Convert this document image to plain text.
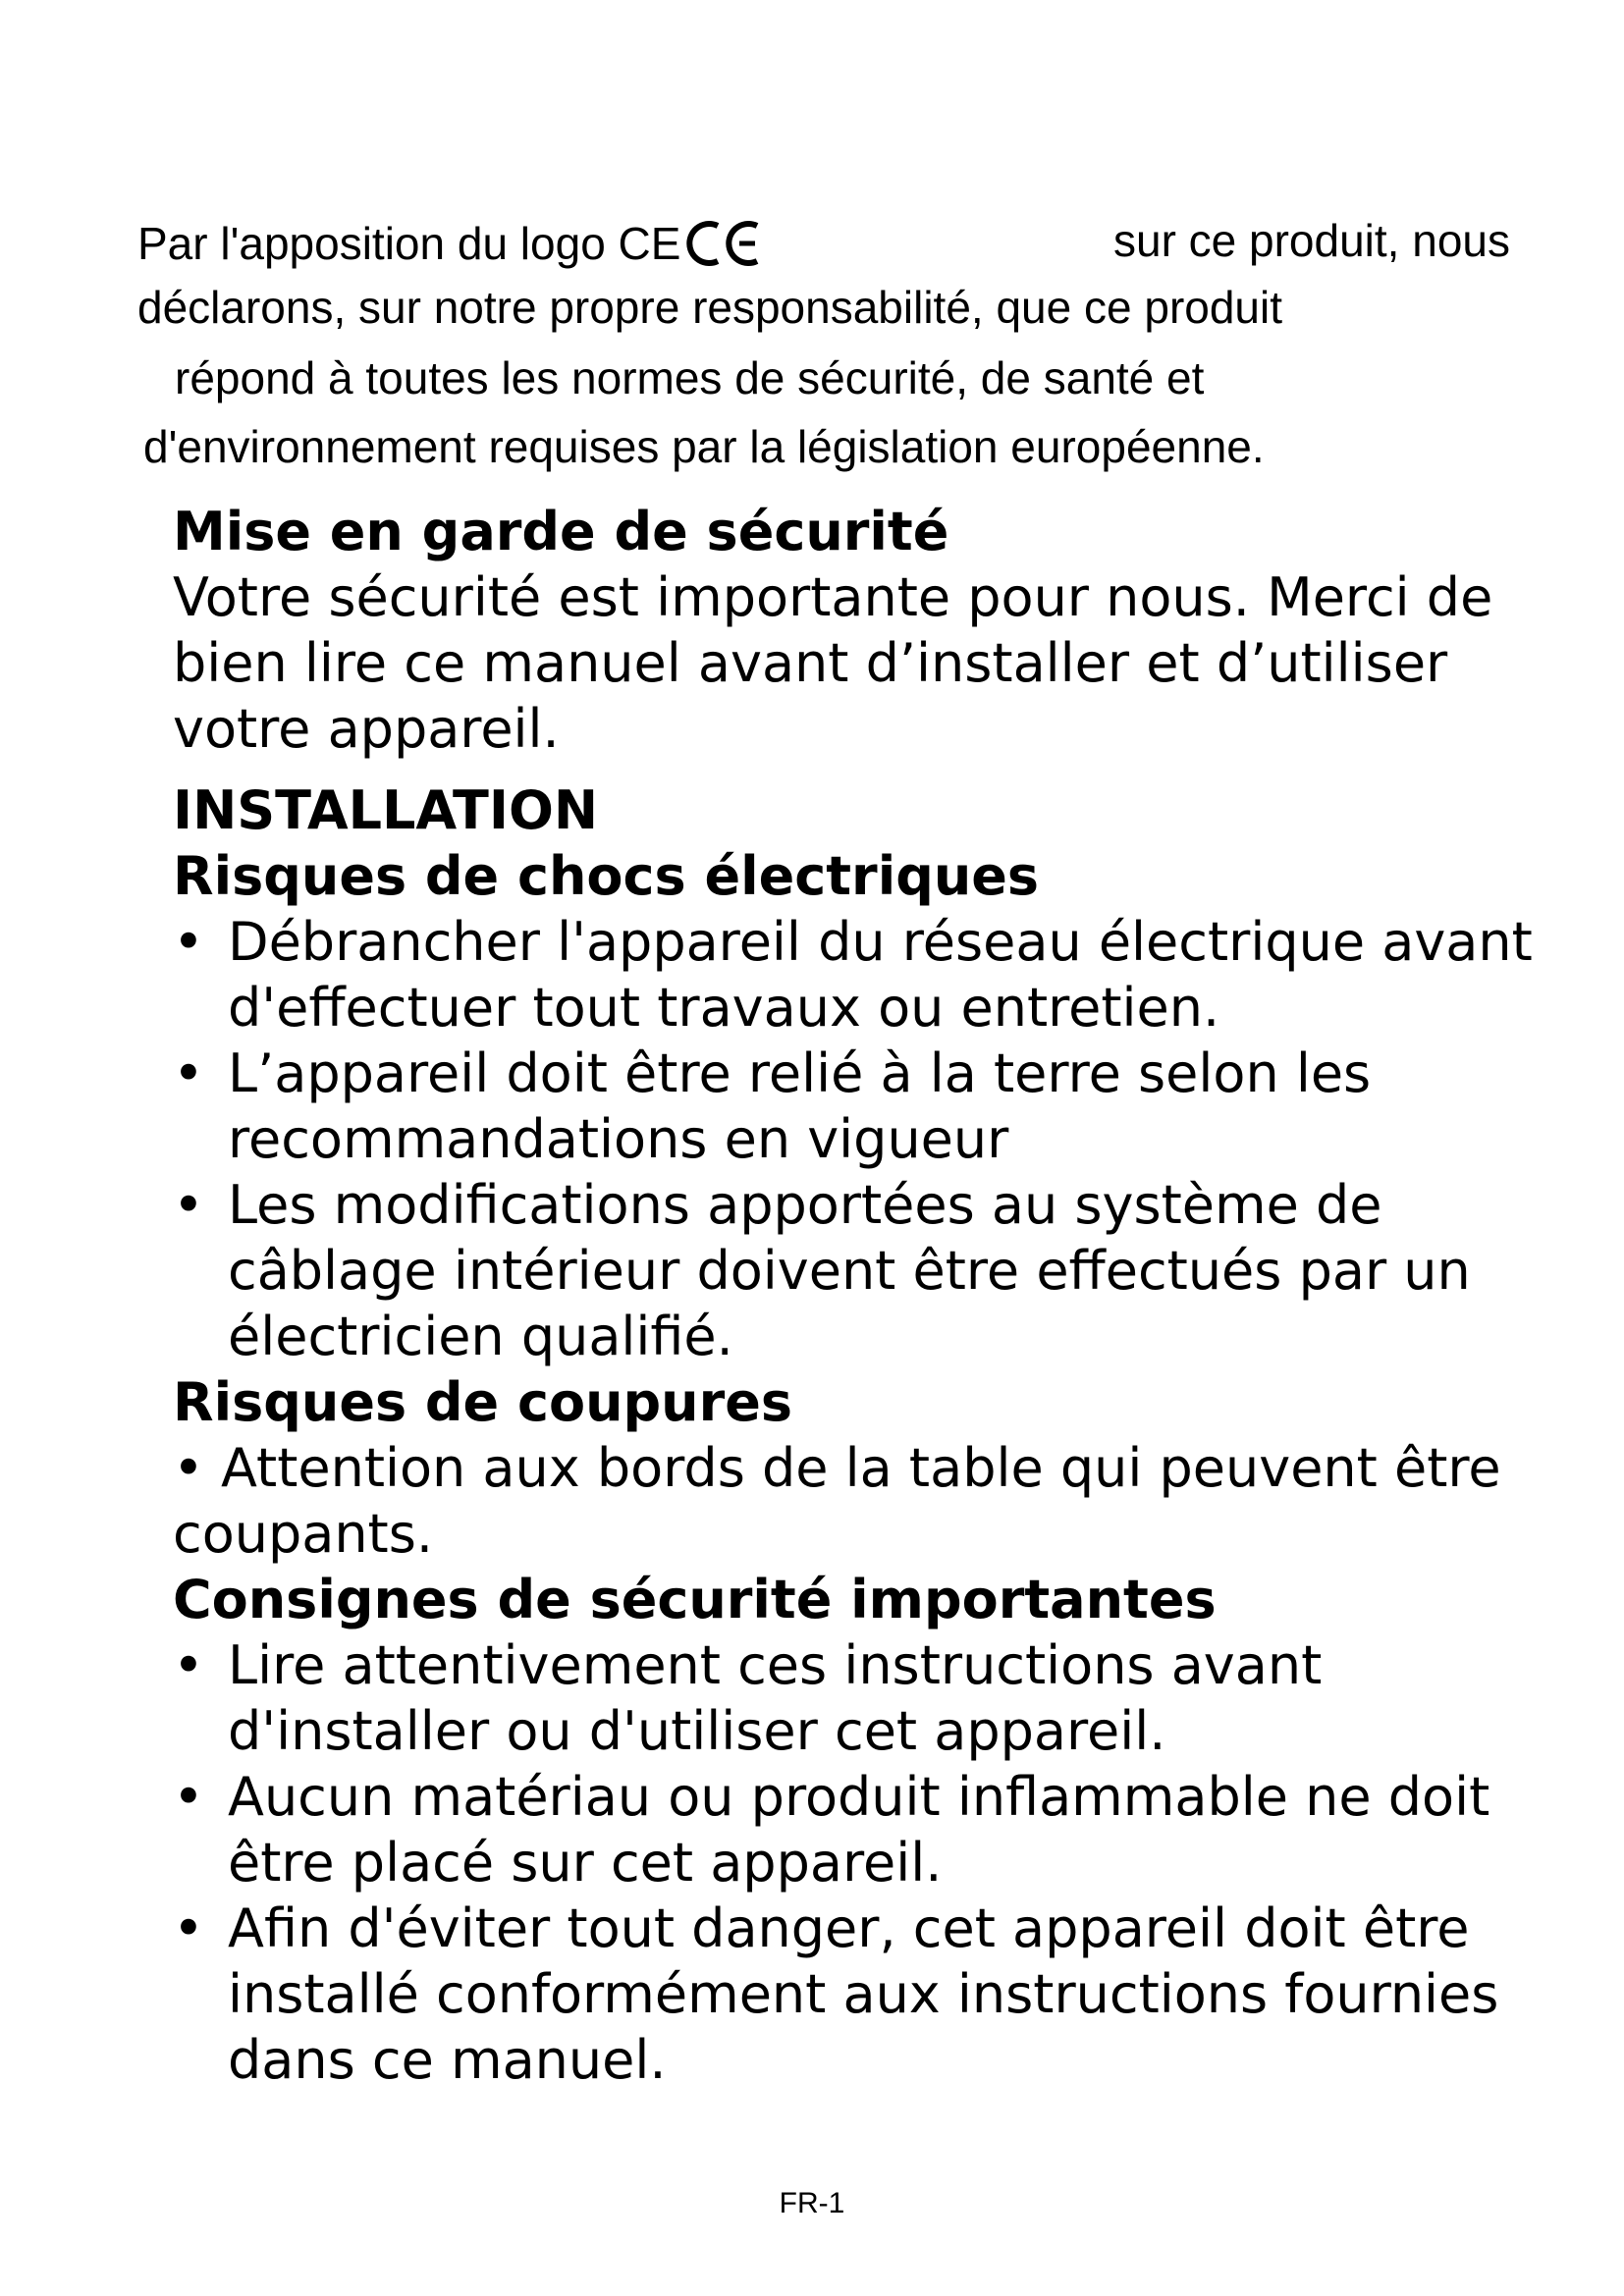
Par l'apposition du logo CE	sur ce produit, nous
déclarons, sur notre propre responsabilité, que ce produit
répond à toutes les normes de sécurité, de santé et
d'environnement requises par la législation européenne.

Mise en garde de sécurité

Votre sécurité est importante pour nous. Merci de bien lire ce manuel avant d’installer et d’utiliser votre appareil.

INSTALLATION

Risques de chocs électriques

• Débrancher l'appareil du réseau électrique avant d'effectuer tout travaux ou entretien.

• L’appareil doit être relié à la terre selon les recommandations en vigueur

• Les modifications apportées au système de câblage intérieur doivent être effectués par un électricien qualifié.

Risques de coupures

• Attention aux bords de la table qui peuvent être coupants.

Consignes de sécurité importantes

• Lire attentivement ces instructions avant d'installer ou d'utiliser cet appareil.

• Aucun matériau ou produit inflammable ne doit être placé sur cet appareil.

• Afin d'éviter tout danger, cet appareil doit être installé conformément aux instructions fournies dans ce manuel.

FR-1
